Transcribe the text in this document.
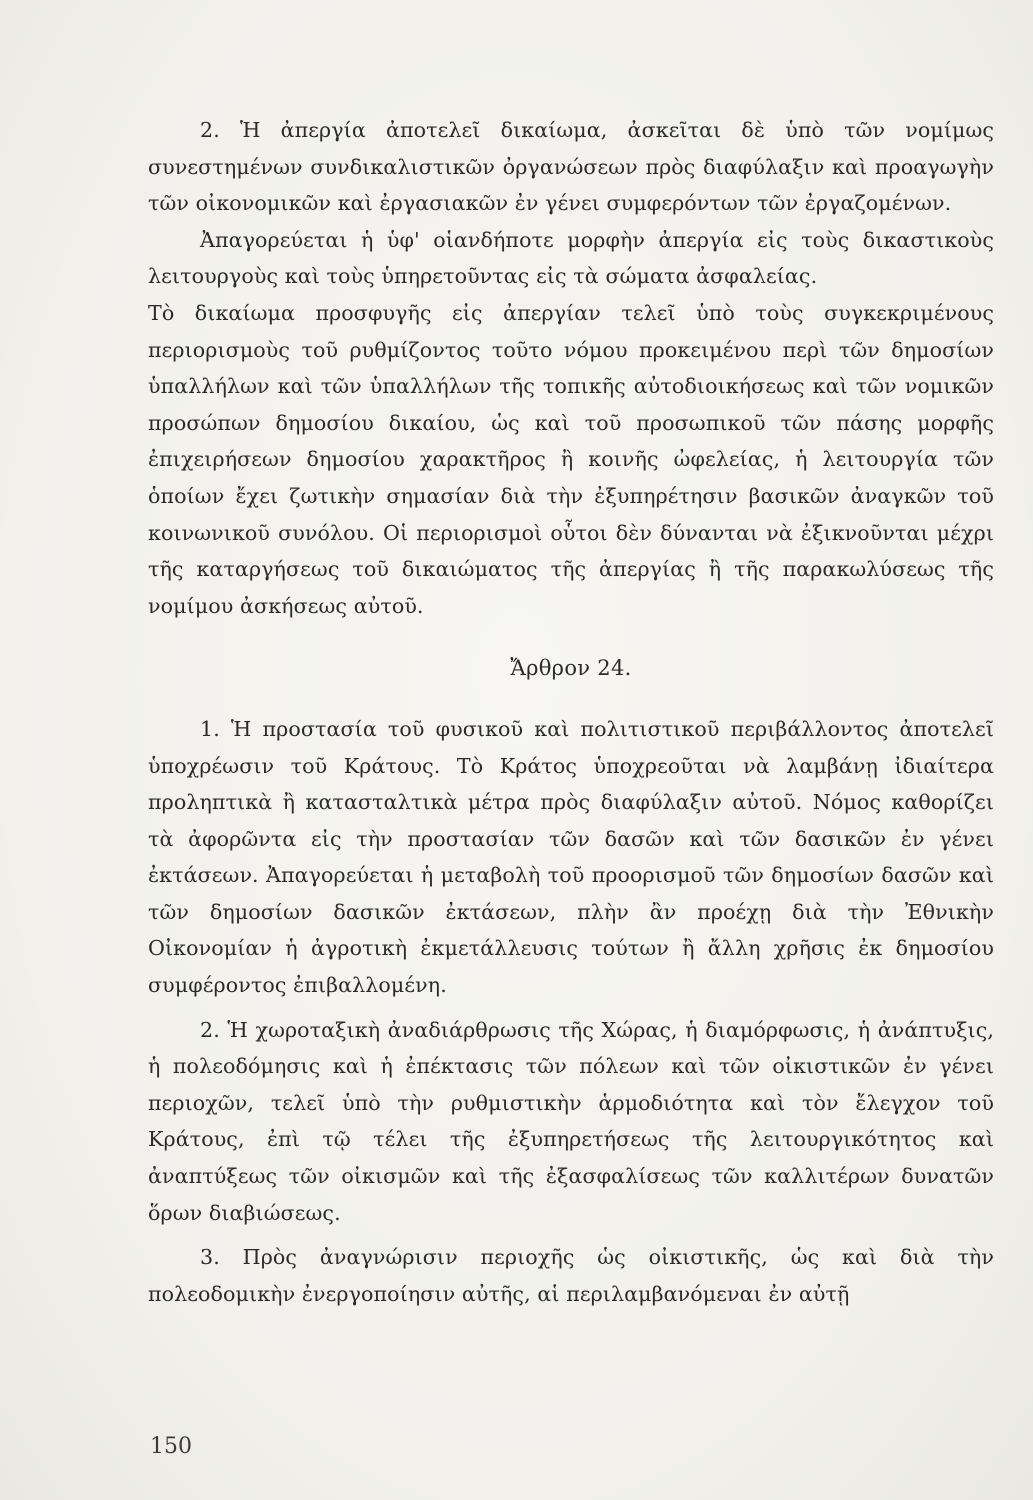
2. Ἡ ἀπεργία ἀποτελεῖ δικαίωμα, ἀσκεῖται δὲ ὑπὸ τῶν νομίμως συνεστημένων συνδικαλιστικῶν ὀργανώσεων πρὸς διαφύλαξιν καὶ προαγωγὴν τῶν οἰκονομικῶν καὶ ἐργασιακῶν ἐν γένει συμφερόντων τῶν ἐργαζομένων.

Ἀπαγορεύεται ἡ ὑφ' οἱανδήποτε μορφὴν ἀπεργία εἰς τοὺς δικαστικοὺς λειτουργοὺς καὶ τοὺς ὑπηρετοῦντας εἰς τὰ σώματα ἀσφαλείας.

Τὸ δικαίωμα προσφυγῆς εἰς ἀπεργίαν τελεῖ ὑπὸ τοὺς συγκεκριμένους περιορισμοὺς τοῦ ρυθμίζοντος τοῦτο νόμου προκειμένου περὶ τῶν δημοσίων ὑπαλλήλων καὶ τῶν ὑπαλλήλων τῆς τοπικῆς αὐτοδιοικήσεως καὶ τῶν νομικῶν προσώπων δημοσίου δικαίου, ὡς καὶ τοῦ προσωπικοῦ τῶν πάσης μορφῆς ἐπιχειρήσεων δημοσίου χαρακτῆρος ἢ κοινῆς ὠφελείας, ἡ λειτουργία τῶν ὁποίων ἔχει ζωτικὴν σημασίαν διὰ τὴν ἐξυπηρέτησιν βασικῶν ἀναγκῶν τοῦ κοινωνικοῦ συνόλου. Οἱ περιορισμοὶ οὗτοι δὲν δύνανται νὰ ἐξικνοῦνται μέχρι τῆς καταργήσεως τοῦ δικαιώματος τῆς ἀπεργίας ἢ τῆς παρακωλύσεως τῆς νομίμου ἀσκήσεως αὐτοῦ.

Ἄρθρον 24.

1. Ἡ προστασία τοῦ φυσικοῦ καὶ πολιτιστικοῦ περιβάλλοντος ἀποτελεῖ ὑποχρέωσιν τοῦ Κράτους. Τὸ Κράτος ὑποχρεοῦται νὰ λαμβάνῃ ἰδιαίτερα προληπτικὰ ἢ κατασταλτικὰ μέτρα πρὸς διαφύλαξιν αὐτοῦ. Νόμος καθορίζει τὰ ἀφορῶντα εἰς τὴν προστασίαν τῶν δασῶν καὶ τῶν δασικῶν ἐν γένει ἐκτάσεων. Ἀπαγορεύεται ἡ μεταβολὴ τοῦ προορισμοῦ τῶν δημοσίων δασῶν καὶ τῶν δημοσίων δασικῶν ἐκτάσεων, πλὴν ἂν προέχῃ διὰ τὴν Ἐθνικὴν Οἰκονομίαν ἡ ἀγροτικὴ ἐκμετάλλευσις τούτων ἢ ἄλλη χρῆσις ἐκ δημοσίου συμφέροντος ἐπιβαλλομένη.

2. Ἡ χωροταξικὴ ἀναδιάρθρωσις τῆς Χώρας, ἡ διαμόρφωσις, ἡ ἀνάπτυξις, ἡ πολεοδόμησις καὶ ἡ ἐπέκτασις τῶν πόλεων καὶ τῶν οἰκιστικῶν ἐν γένει περιοχῶν, τελεῖ ὑπὸ τὴν ρυθμιστικὴν ἁρμοδιότητα καὶ τὸν ἔλεγχον τοῦ Κράτους, ἐπὶ τῷ τέλει τῆς ἐξυπηρετήσεως τῆς λειτουργικότητος καὶ ἀναπτύξεως τῶν οἰκισμῶν καὶ τῆς ἐξασφαλίσεως τῶν καλλιτέρων δυνατῶν ὅρων διαβιώσεως.

3. Πρὸς ἀναγνώρισιν περιοχῆς ὡς οἰκιστικῆς, ὡς καὶ διὰ τὴν πολεοδομικὴν ἐνεργοποίησιν αὐτῆς, αἱ περιλαμβανόμεναι ἐν αὐτῇ

150
